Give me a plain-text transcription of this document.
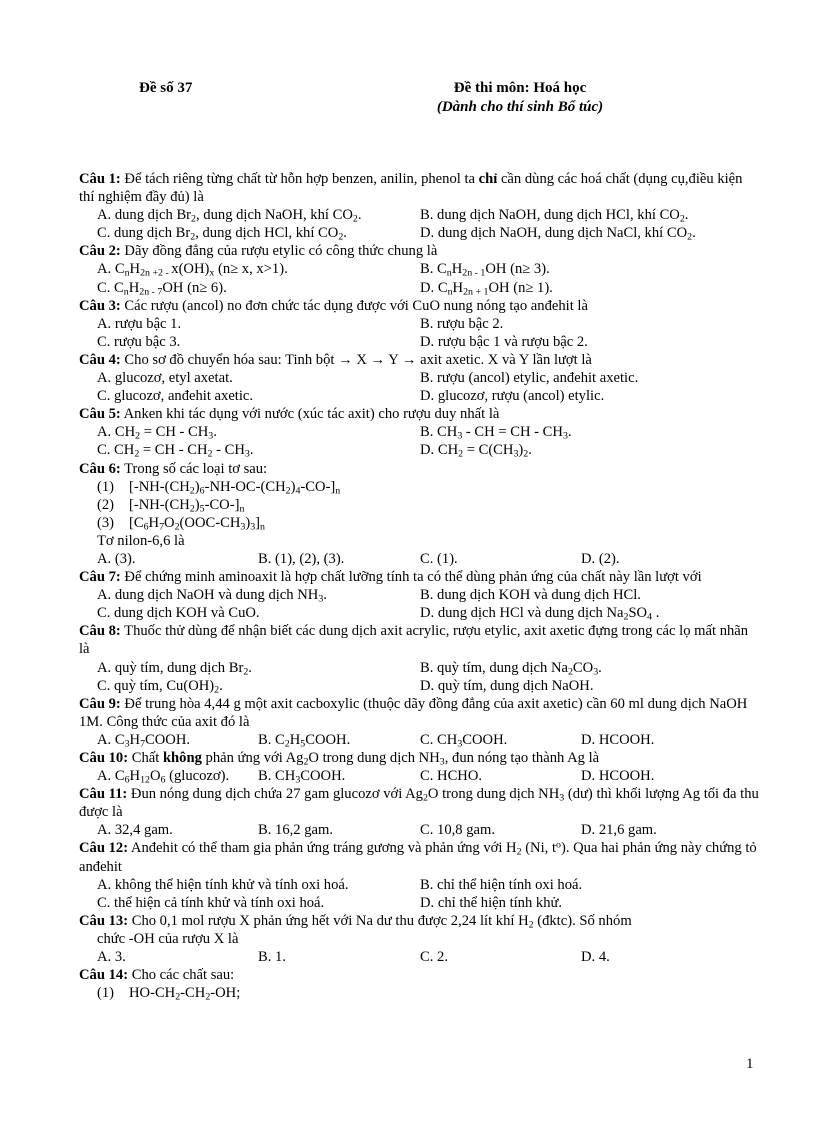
Đề số 37	Đề thi môn: Hoá học
(Dành cho thí sinh Bổ túc)
Câu 1: Để tách riêng từng chất từ hỗn hợp benzen, anilin, phenol ta chỉ cần dùng các hoá chất (dụng cụ,điều kiện thí nghiệm đầy đủ) là
A. dung dịch $Br_2$, dung dịch NaOH, khí $CO_2$.	B. dung dịch NaOH, dung dịch HCl, khí $CO_2$.
C. dung dịch $Br_2$, dung dịch HCl, khí $CO_2$.	D. dung dịch NaOH, dung dịch NaCl, khí $CO_2$.
Câu 2: Dãy đồng đẳng của rượu etylic có công thức chung là
A. $C_nH_{2n +2 -}$ $x(OH)_x$ (n≥ x, x>1).	B. $C_nH_{2n - 1}OH$ (n≥ 3).
C. $C_nH_{2n - 7}OH$ (n≥ 6).	D. $C_nH_{2n + 1}OH$ (n≥ 1).
Câu 3: Các rượu (ancol) no đơn chức tác dụng được với CuO nung nóng tạo anđehit là
A. rượu bậc 1.	B. rượu bậc 2.
C. rượu bậc 3.	D. rượu bậc 1 và rượu bậc 2.
Câu 4: Cho sơ đồ chuyển hóa sau: Tinh bột → X → Y → axit axetic. X và Y lần lượt là
A. glucozơ, etyl axetat.	B. rượu (ancol) etylic, anđehit axetic.
C. glucozơ, anđehit axetic.	D. glucozơ, rượu (ancol) etylic.
Câu 5: Anken khi tác dụng với nước (xúc tác axit) cho rượu duy nhất là
A. $CH_2$ = CH - $CH_3$.	B. $CH_3$ - CH = CH - $CH_3$.
C. $CH_2$ = CH - $CH_2 - CH_3$.	D. $CH_2 = C(CH_3)_2$.
Câu 6: Trong số các loại tơ sau:
(1) $[-NH-(CH_2)_6-NH-OC-(CH_2)_4-CO-]_n$
(2) $[-NH-(CH_2)_5-CO-]_n$
(3) $[C_6H_7O_2(OOC-CH_3)_3]_n$
Tơ nilon-6,6 là
A. (3).	B. (1), (2), (3).	C. (1).	D. (2).
Câu 7: Để chứng minh aminoaxit là hợp chất lưỡng tính ta có thể dùng phản ứng của chất này lần lượt với
A. dung dịch NaOH và dung dịch $NH_3$.	B. dung dịch KOH và dung dịch HCl.
C. dung dịch KOH và CuO.	D. dung dịch HCl và dung dịch $Na_2SO_4$ .
Câu 8: Thuốc thử dùng để nhận biết các dung dịch axit acrylic, rượu etylic, axit axetic đựng trong các lọ mất nhãn là
A. quỳ tím, dung dịch $Br_2$.	B. quỳ tím, dung dịch $Na_2CO_3$.
C. quỳ tím, $Cu(OH)_2$.	D. quỳ tím, dung dịch NaOH.
Câu 9: Để trung hòa 4,44 g một axit cacboxylic (thuộc dãy đồng đẳng của axit axetic) cần 60 ml dung dịch NaOH 1M. Công thức của axit đó là
A. $C_3H_7COOH$.	B. $C_2H_5COOH$.	C. $CH_3COOH$.	D. HCOOH.
Câu 10: Chất không phản ứng với $Ag_2O$ trong dung dịch $NH_3$, đun nóng tạo thành Ag là
A. $C_6H_{12}O_6$ (glucozơ). B. $CH_3COOH$.	C. HCHO.	D. HCOOH.
Câu 11: Đun nóng dung dịch chứa 27 gam glucozơ với $Ag_2O$ trong dung dịch $NH_3$ (dư) thì khối lượng Ag tối đa thu được là
A. 32,4 gam.	B. 16,2 gam.	C. 10,8 gam.	D. 21,6 gam.
Câu 12: Anđehit có thể tham gia phản ứng tráng gương và phản ứng với $H_2$ (Ni, $t^o$). Qua hai phản ứng này chứng tỏ anđehit
A. không thể hiện tính khử và tính oxi hoá.	B. chỉ thể hiện tính oxi hoá.
C. thể hiện cả tính khử và tính oxi hoá.	D. chỉ thể hiện tính khử.
Câu 13: Cho 0,1 mol rượu X phản ứng hết với Na dư thu được 2,24 lít khí $H_2$ (đktc). Số nhóm
chức -OH của rượu X là
A. 3.	B. 1.	C. 2.	D. 4.
Câu 14: Cho các chất sau:
(1) $HO-CH_2-CH_2-OH$;
1
